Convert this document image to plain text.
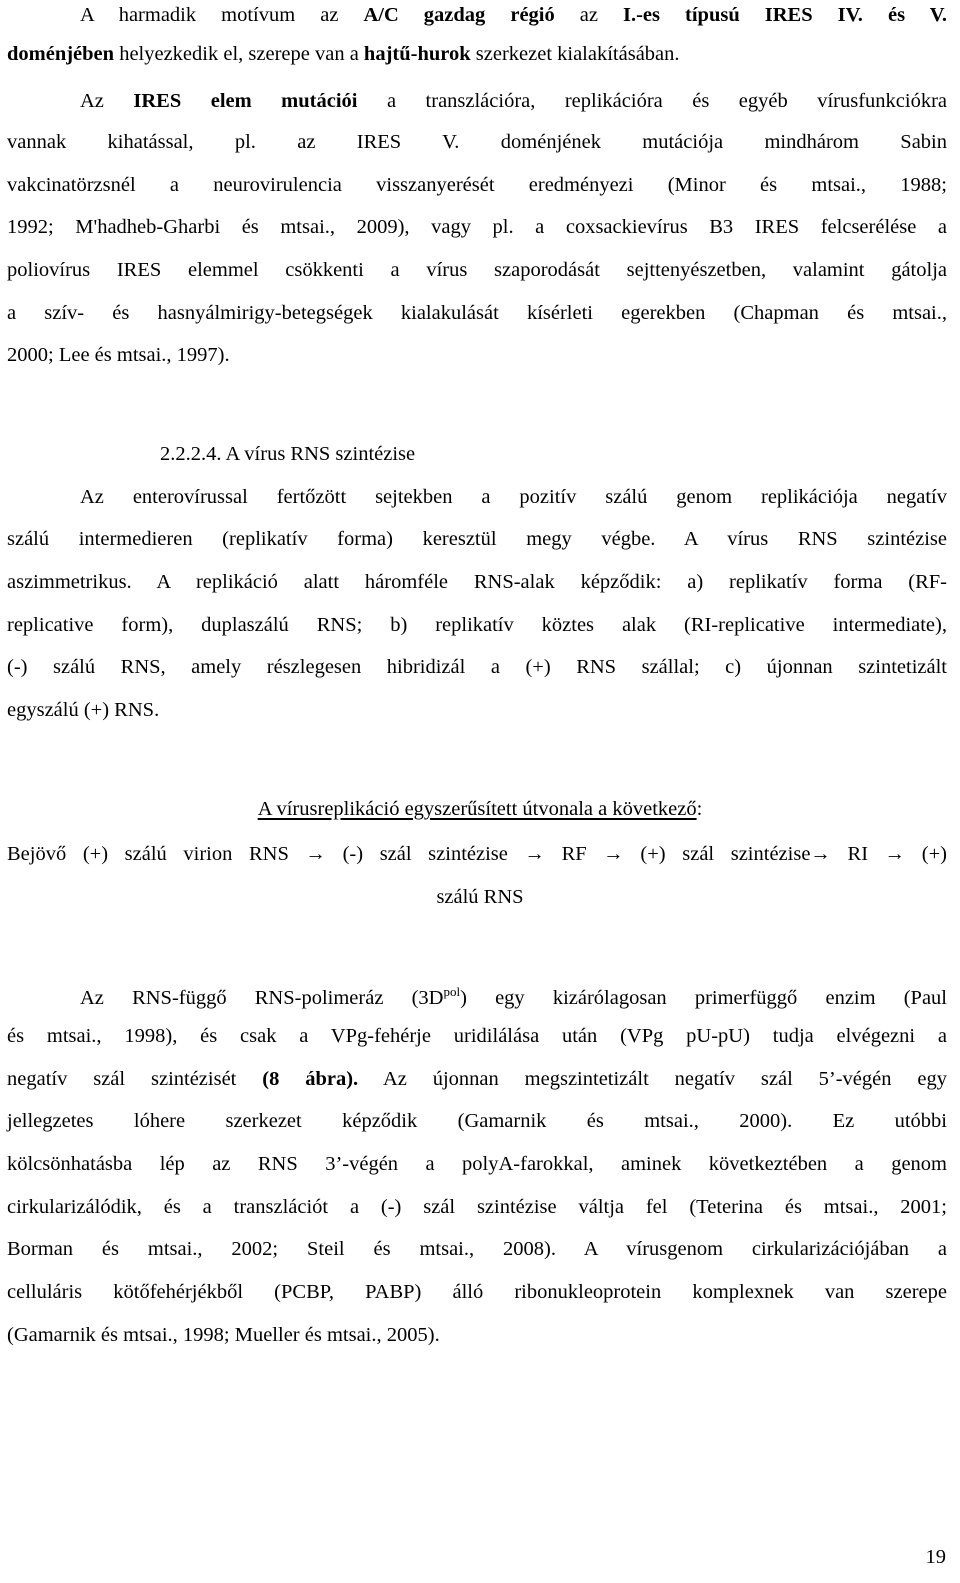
A harmadik motívum az A/C gazdag régió az I.-es típusú IRES IV. és V.
doménjében helyezkedik el, szerepe van a hajtű-hurok szerkezet kialakításában.
Az IRES elem mutációi a transzlációra, replikációra és egyéb vírusfunkciókra
vannak kihatással, pl. az IRES V. doménjének mutációja mindhárom Sabin
vakcinatörzsnél a neurovirulencia visszanyerését eredményezi (Minor és mtsai., 1988;
1992; M'hadheb-Gharbi és mtsai., 2009), vagy pl. a coxsackievírus B3 IRES felcserélése a
poliovírus IRES elemmel csökkenti a vírus szaporodását sejttenyészetben, valamint gátolja
a szív- és hasnyálmirigy-betegségek kialakulását kísérleti egerekben (Chapman és mtsai.,
2000; Lee és mtsai., 1997).
2.2.2.4. A vírus RNS szintézise
Az enterovírussal fertőzött sejtekben a pozitív szálú genom replikációja negatív
szálú intermedieren (replikatív forma) keresztül megy végbe. A vírus RNS szintézise
aszimmetrikus. A replikáció alatt háromféle RNS-alak képződik: a) replikatív forma (RF-
replicative form), duplaszálú RNS; b) replikatív köztes alak (RI-replicative intermediate),
(-) szálú RNS, amely részlegesen hibridizál a (+) RNS szállal; c) újonnan szintetizált
egyszálú (+) RNS.
A vírusreplikáció egyszerűsített útvonala a következő:
Bejövő (+) szálú virion RNS → (-) szál szintézise → RF → (+) szál szintézise→ RI → (+)
szálú RNS
Az RNS-függő RNS-polimeráz $(3D^{pol})$ egy kizárólagosan primerfüggő enzim (Paul
és mtsai., 1998), és csak a VPg-fehérje uridilálása után (VPg pU-pU) tudja elvégezni a
negatív szál szintézisét (8 ábra). Az újonnan megszintetizált negatív szál 5’-végén egy
jellegzetes lóhere szerkezet képződik (Gamarnik és mtsai., 2000). Ez utóbbi
kölcsönhatásba lép az RNS 3’-végén a polyA-farokkal, aminek következtében a genom
cirkularizálódik, és a transzlációt a (-) szál szintézise váltja fel (Teterina és mtsai., 2001;
Borman és mtsai., 2002; Steil és mtsai., 2008). A vírusgenom cirkularizációjában a
celluláris kötőfehérjékből (PCBP, PABP) álló ribonukleoprotein komplexnek van szerepe
(Gamarnik és mtsai., 1998; Mueller és mtsai., 2005).
19
